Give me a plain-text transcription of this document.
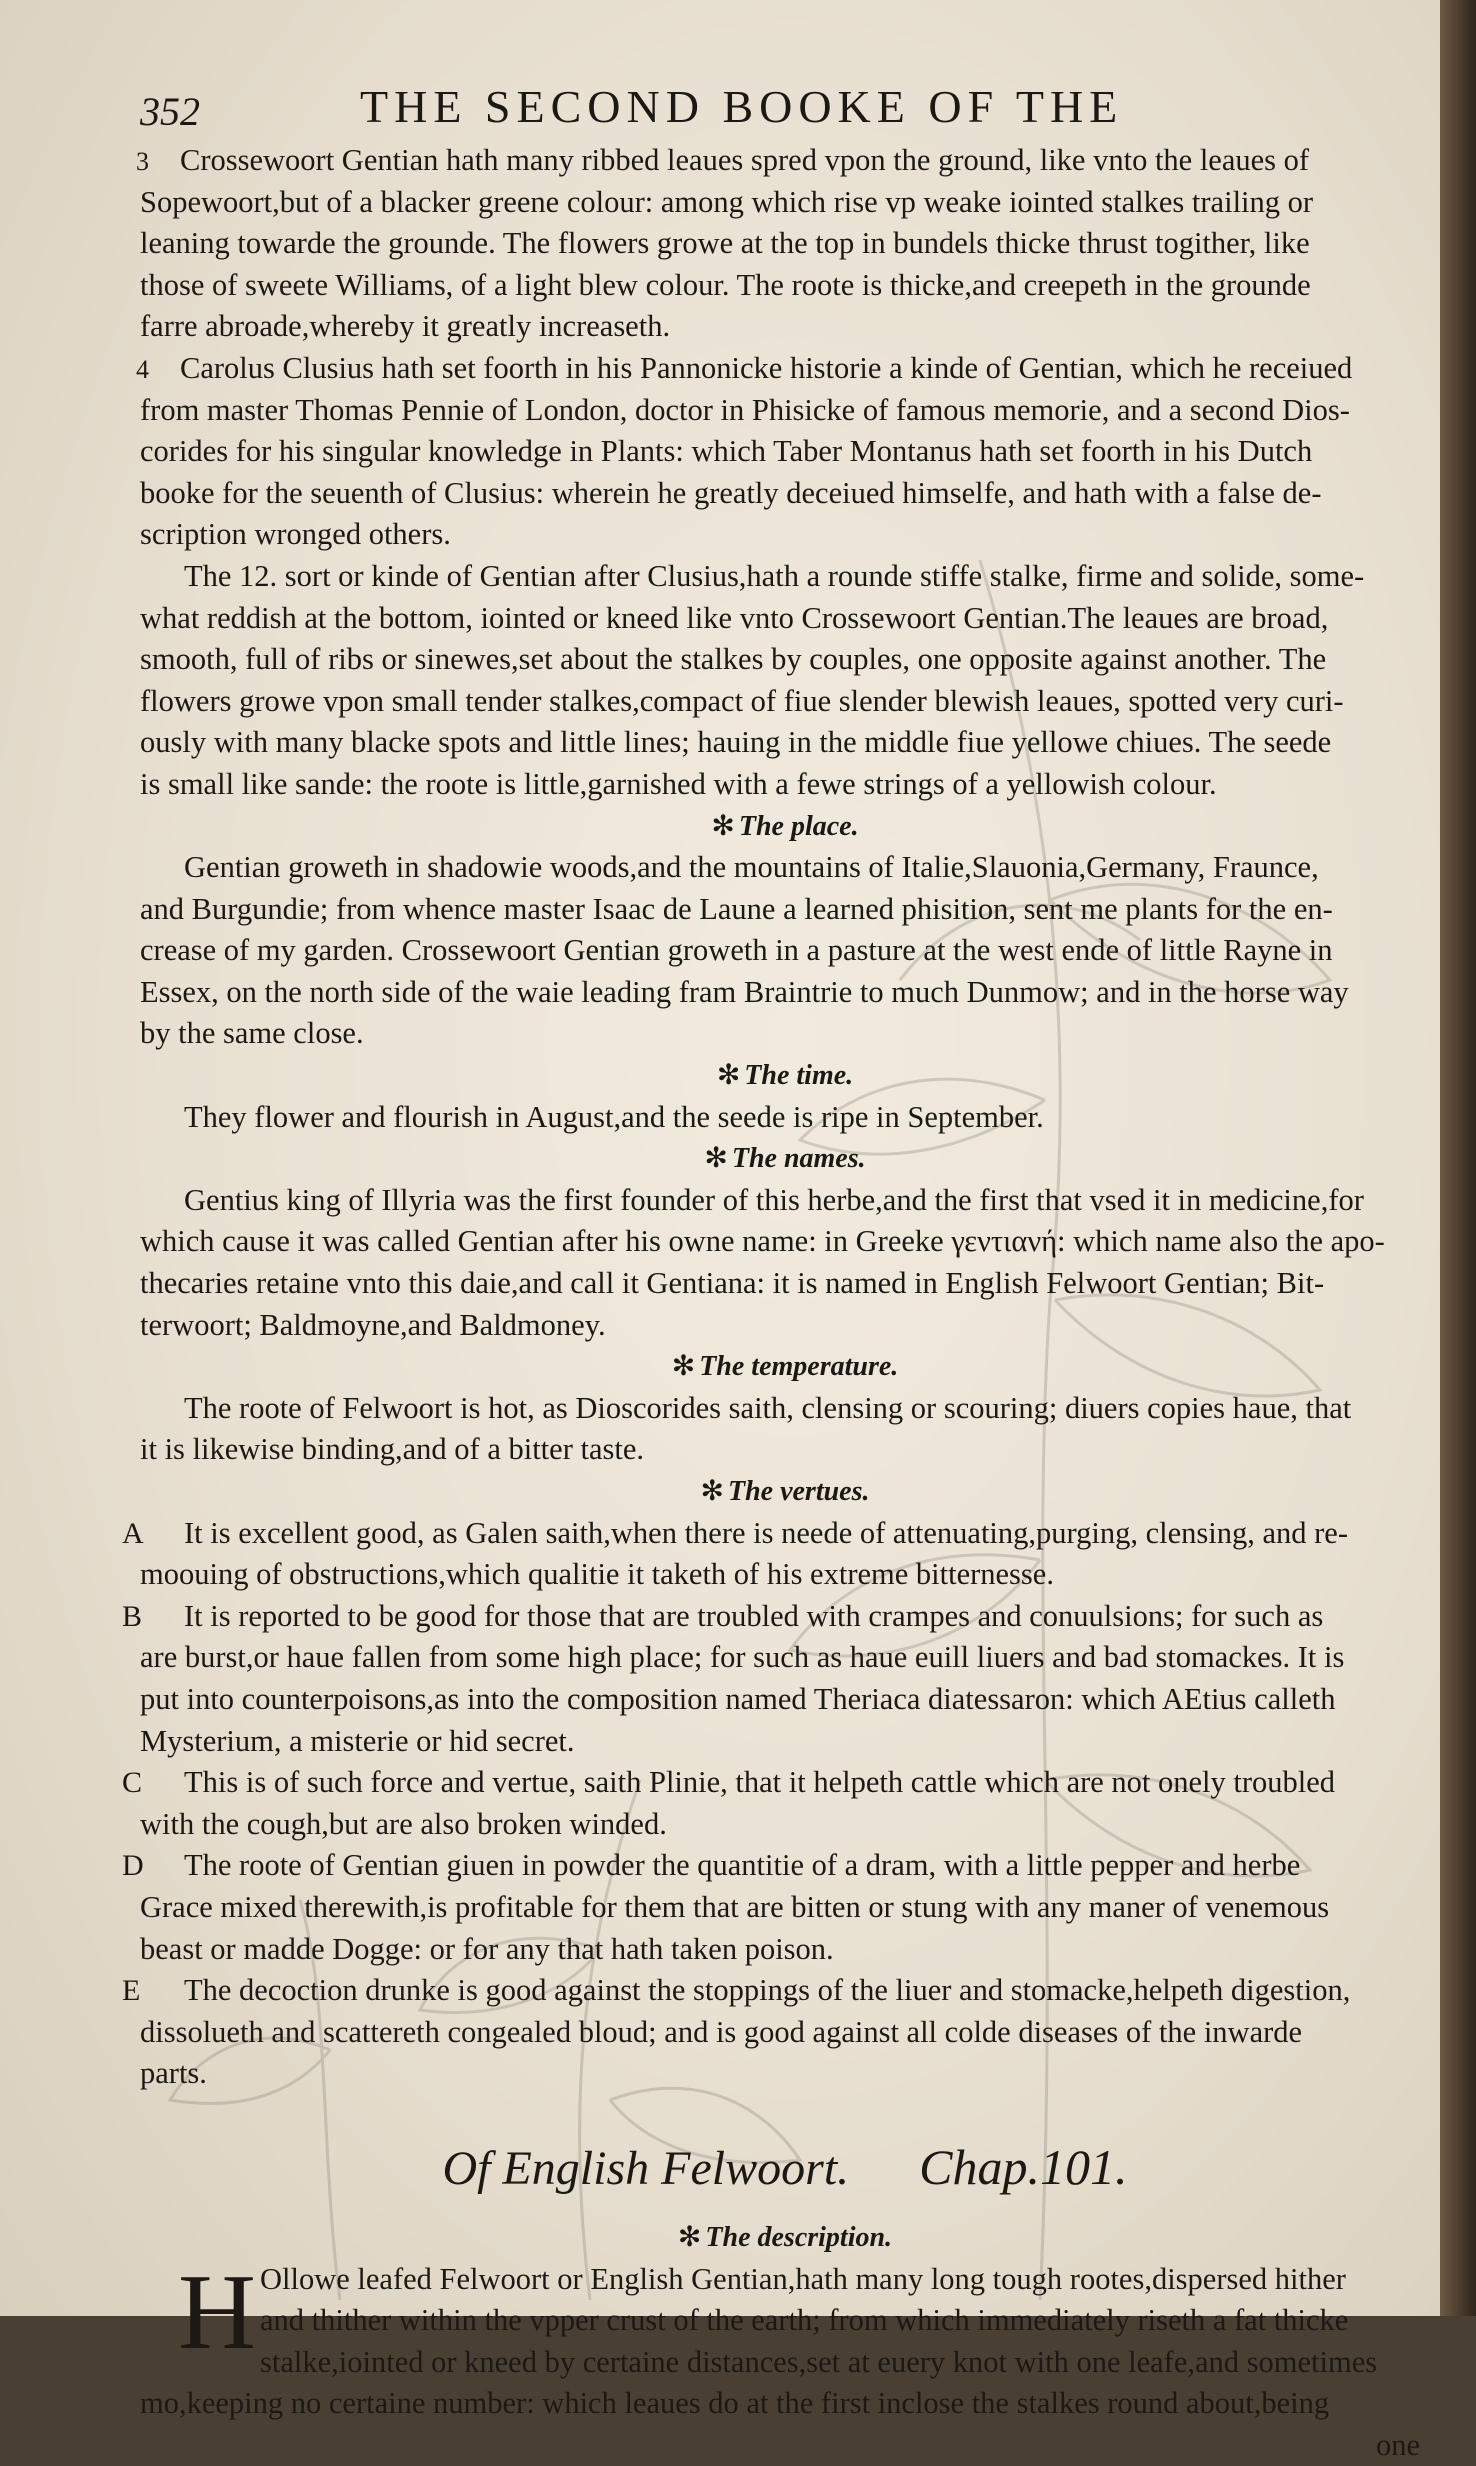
352	THE SECOND BOOKE OF THE
3 Crossewoort Gentian hath many ribbed leaues spred vpon the ground, like vnto the leaues of
Sopewoort,but of a blacker greene colour: among which rise vp weake iointed stalkes trailing or
leaning towarde the grounde. The flowers growe at the top in bundels thicke thrust togither, like
those of sweete Williams, of a light blew colour. The roote is thicke,and creepeth in the grounde
farre abroade,whereby it greatly increaseth.
4 Carolus Clusius hath set foorth in his Pannonicke historie a kinde of Gentian, which he receiued
from master Thomas Pennie of London, doctor in Phisicke of famous memorie, and a second Dios-
corides for his singular knowledge in Plants: which Taber Montanus hath set foorth in his Dutch
booke for the seuenth of Clusius: wherein he greatly deceiued himselfe, and hath with a false de-
scription wronged others.
The 12. sort or kinde of Gentian after Clusius,hath a rounde stiffe stalke, firme and solide, some-
what reddish at the bottom, iointed or kneed like vnto Crossewoort Gentian.The leaues are broad,
smooth, full of ribs or sinewes,set about the stalkes by couples, one opposite against another. The
flowers growe vpon small tender stalkes,compact of fiue slender blewish leaues, spotted very curi-
ously with many blacke spots and little lines; hauing in the middle fiue yellowe chiues. The seede
is small like sande: the roote is little,garnished with a fewe strings of a yellowish colour.
✻ The place.
Gentian groweth in shadowie woods,and the mountains of Italie,Slauonia,Germany, Fraunce,
and Burgundie; from whence master Isaac de Laune a learned phisition, sent me plants for the en-
crease of my garden. Crossewoort Gentian groweth in a pasture at the west ende of little Rayne in
Essex, on the north side of the waie leading fram Braintrie to much Dunmow; and in the horse way
by the same close.
✻ The time.
They flower and flourish in August,and the seede is ripe in September.
✻ The names.
Gentius king of Illyria was the first founder of this herbe,and the first that vsed it in medicine,for
which cause it was called Gentian after his owne name: in Greeke γεντιανή: which name also the apo-
thecaries retaine vnto this daie,and call it Gentiana: it is named in English Felwoort Gentian; Bit-
terwoort; Baldmoyne,and Baldmoney.
✻ The temperature.
The roote of Felwoort is hot, as Dioscorides saith, clensing or scouring; diuers copies haue, that
it is likewise binding,and of a bitter taste.
✻ The vertues.
A	It is excellent good, as Galen saith,when there is neede of attenuating,purging, clensing, and re-
moouing of obstructions,which qualitie it taketh of his extreme bitternesse.
B	It is reported to be good for those that are troubled with crampes and conuulsions; for such as
are burst,or haue fallen from some high place; for such as haue euill liuers and bad stomackes. It is
put into counterpoisons,as into the composition named Theriaca diatessaron: which AEtius calleth
Mysterium, a misterie or hid secret.
C	This is of such force and vertue, saith Plinie, that it helpeth cattle which are not onely troubled
with the cough,but are also broken winded.
D	The roote of Gentian giuen in powder the quantitie of a dram, with a little pepper and herbe
Grace mixed therewith,is profitable for them that are bitten or stung with any maner of venemous
beast or madde Dogge: or for any that hath taken poison.
E	The decoction drunke is good against the stoppings of the liuer and stomacke,helpeth digestion,
dissolueth and scattereth congealed bloud; and is good against all colde diseases of the inwarde
parts.
Of English Felwoort. Chap.101.
✻ The description.
H Ollowe leafed Felwoort or English Gentian,hath many long tough rootes,dispersed hither
and thither within the vpper crust of the earth; from which immediately riseth a fat thicke
stalke,iointed or kneed by certaine distances,set at euery knot with one leafe,and sometimes
mo,keeping no certaine number: which leaues do at the first inclose the stalkes round about,being
one
